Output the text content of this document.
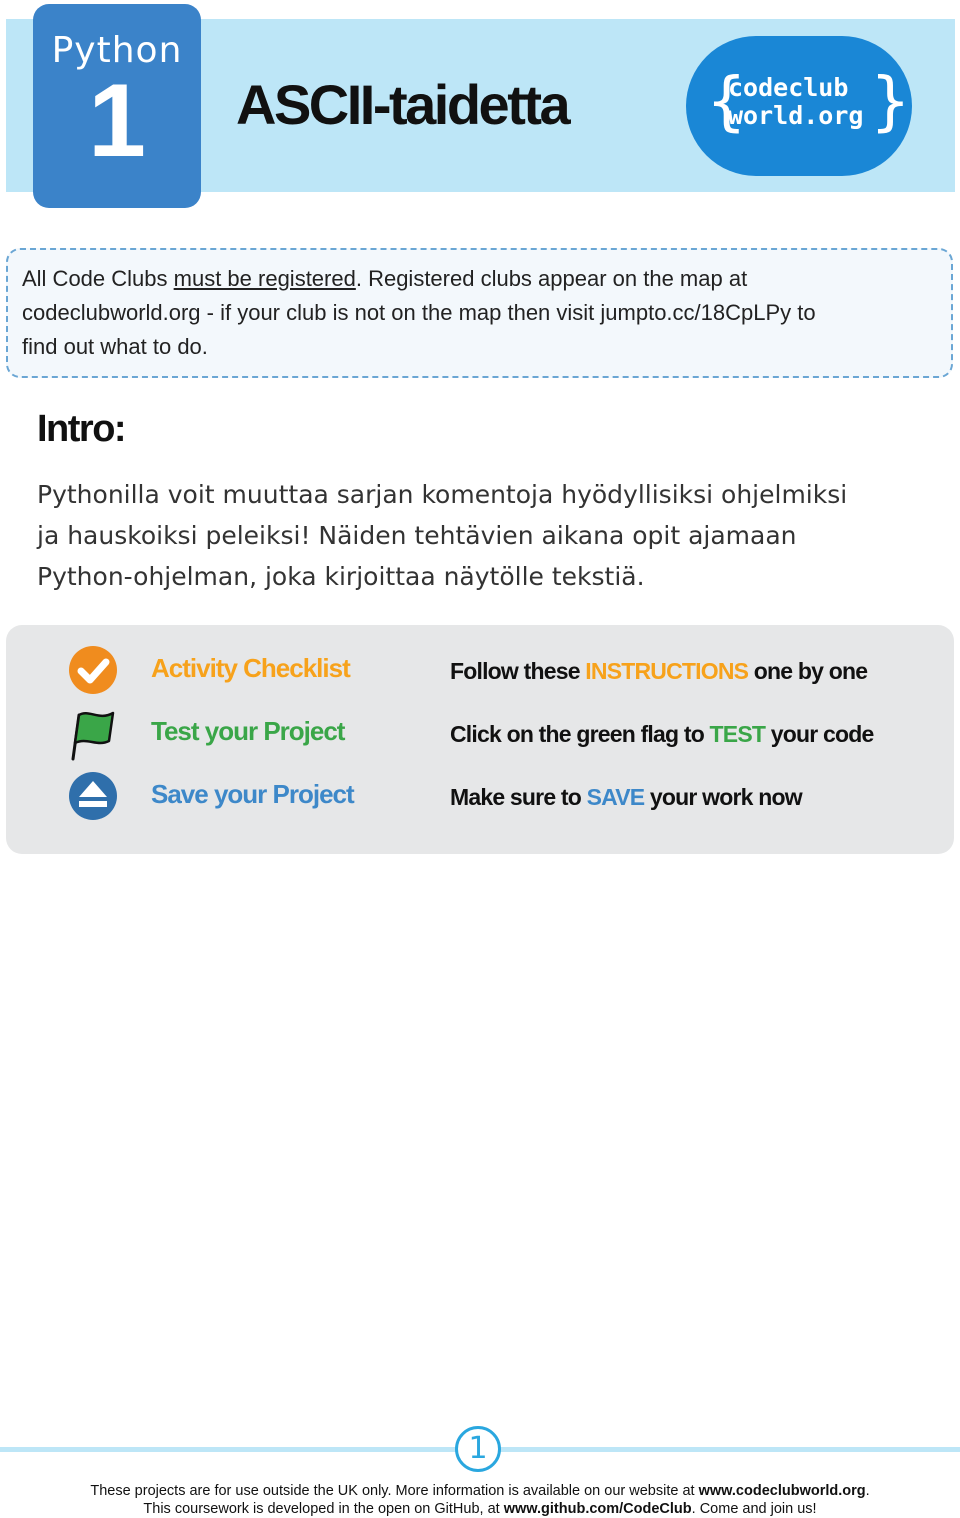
Python
1	ASCII-taidetta { }
codeclub
world.org
All Code Clubs must be registered. Registered clubs appear on the map at
codeclubworld.org - if your club is not on the map then visit jumpto.cc/18CpLPy to
find out what to do.
Intro:
Pythonilla voit muuttaa sarjan komentoja hyödyllisiksi ohjelmiksi
ja hauskoiksi peleiksi! Näiden tehtävien aikana opit ajamaan
Python-ohjelman, joka kirjoittaa näytölle tekstiä.
Activity Checklist	Follow these INSTRUCTIONS one by one
Test your Project	Click on the green flag to TEST your code
Save your Project	Make sure to SAVE your work now
1
These projects are for use outside the UK only. More information is available on our website at www.codeclubworld.org.
This coursework is developed in the open on GitHub, at www.github.com/CodeClub. Come and join us!
